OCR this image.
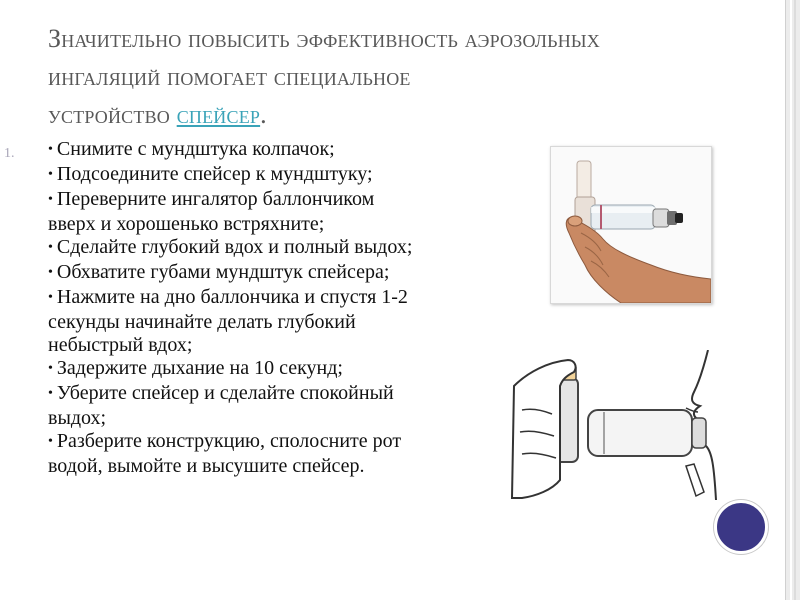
Значительно повысить эффективность аэрозольных
ингаляций помогает специальное
устройство спейсер.
1. • Снимите с мундштука колпачок;
• Подсоедините спейсер к мундштуку;
• Переверните ингалятор баллончиком
вверх и хорошенько встряхните;
• Сделайте глубокий вдох и полный выдох;
• Обхватите губами мундштук спейсера;
• Нажмите на дно баллончика и спустя 1-2
секунды начинайте делать глубокий
небыстрый вдох;
• Задержите дыхание на 10 секунд;
• Уберите спейсер и сделайте спокойный
выдох;
• Разберите конструкцию, сполосните рот
водой, вымойте и высушите спейсер.
